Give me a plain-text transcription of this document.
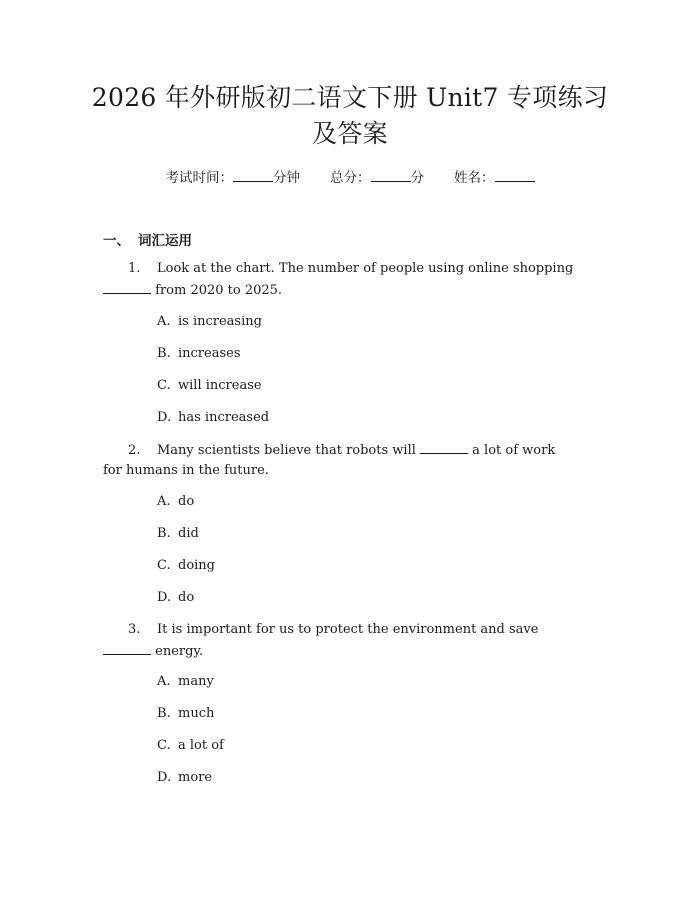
2026 年外研版初二语文下册 Unit7 专项练习
及答案
考试时间：	分钟 总分：	分 姓名：
一、 词汇运用
1. Look at the chart. The number of people using online shopping
from 2020 to 2025.
A. is increasing
B. increases
C. will increase
D. has increased
2. Many scientists believe that robots will	a lot of work
for humans in the future.
A. do
B. did
C. doing
D. do
3. It is important for us to protect the environment and save
energy.
A. many
B. much
C. a lot of
D. more
